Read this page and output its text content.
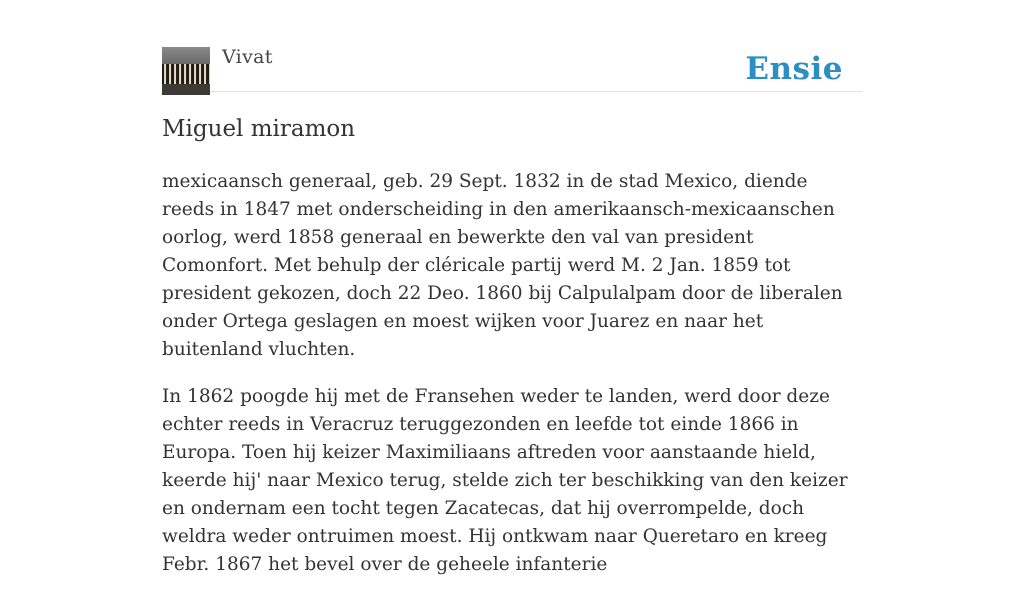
Vivat	Ensie
Miguel miramon

mexicaansch generaal, geb. 29 Sept. 1832 in de stad Mexico, diende reeds in 1847 met onderscheiding in den amerikaansch-mexicaanschen oorlog, werd 1858 generaal en bewerkte den val van president Comonfort. Met behulp der cléricale partij werd M. 2 Jan. 1859 tot president gekozen, doch 22 Deo. 1860 bij Calpulalpam door de liberalen onder Ortega geslagen en moest wijken voor Juarez en naar het buitenland vluchten.

In 1862 poogde hij met de Fransehen weder te landen, werd door deze echter reeds in Veracruz teruggezonden en leefde tot einde 1866 in Europa. Toen hij keizer Maximiliaans aftreden voor aanstaande hield, keerde hij' naar Mexico terug, stelde zich ter beschikking van den keizer en ondernam een tocht tegen Zacatecas, dat hij overrompelde, doch weldra weder ontruimen moest. Hij ontkwam naar Queretaro en kreeg Febr. 1867 het bevel over de geheele infanterie
